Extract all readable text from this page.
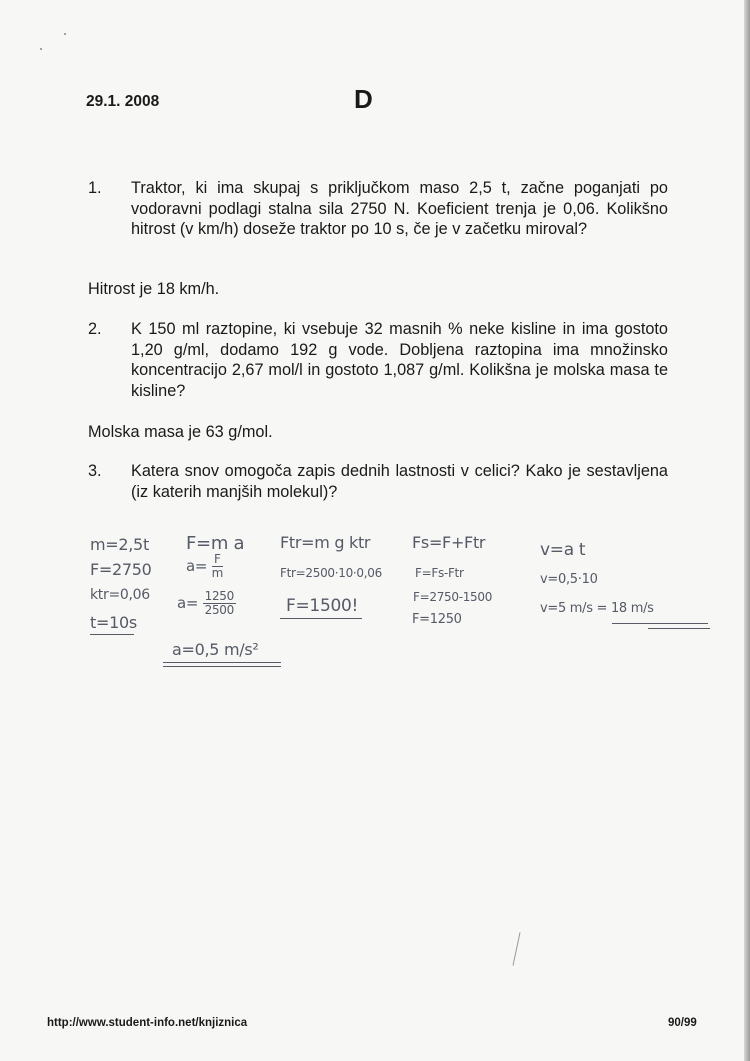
29.1. 2008	D
1.	Traktor, ki ima skupaj s priključkom maso 2,5 t, začne poganjati po vodoravni podlagi stalna sila 2750 N. Koeficient trenja je 0,06. Kolikšno hitrost (v km/h) doseže traktor po 10 s, če je v začetku miroval?
Hitrost je 18 km/h.
2.	K 150 ml raztopine, ki vsebuje 32 masnih % neke kisline in ima gostoto 1,20 g/ml, dodamo 192 g vode. Dobljena raztopina ima množinsko koncentracijo 2,67 mol/l in gostoto 1,087 g/ml. Kolikšna je molska masa te kisline?
Molska masa je 63 g/mol.
3.	Katera snov omogoča zapis dednih lastnosti v celici? Kako je sestavljena (iz katerih manjših molekul)?
m=2,5t
F=2750
ktr=0,06
t=10s
F=m a
$a= \frac{F}{m}$
$a= \frac{1250}{2500}$
a=0,5 m/s²
Ftr=m g ktr
Ftr=2500·10·0,06
F=1500!
Fs=F+Ftr
F=Fs-Ftr
F=2750-1500
F=1250
v=a t
v=0,5·10
v=5 m/s = 18 m/s
http://www.student-info.net/knjiznica	90/99
